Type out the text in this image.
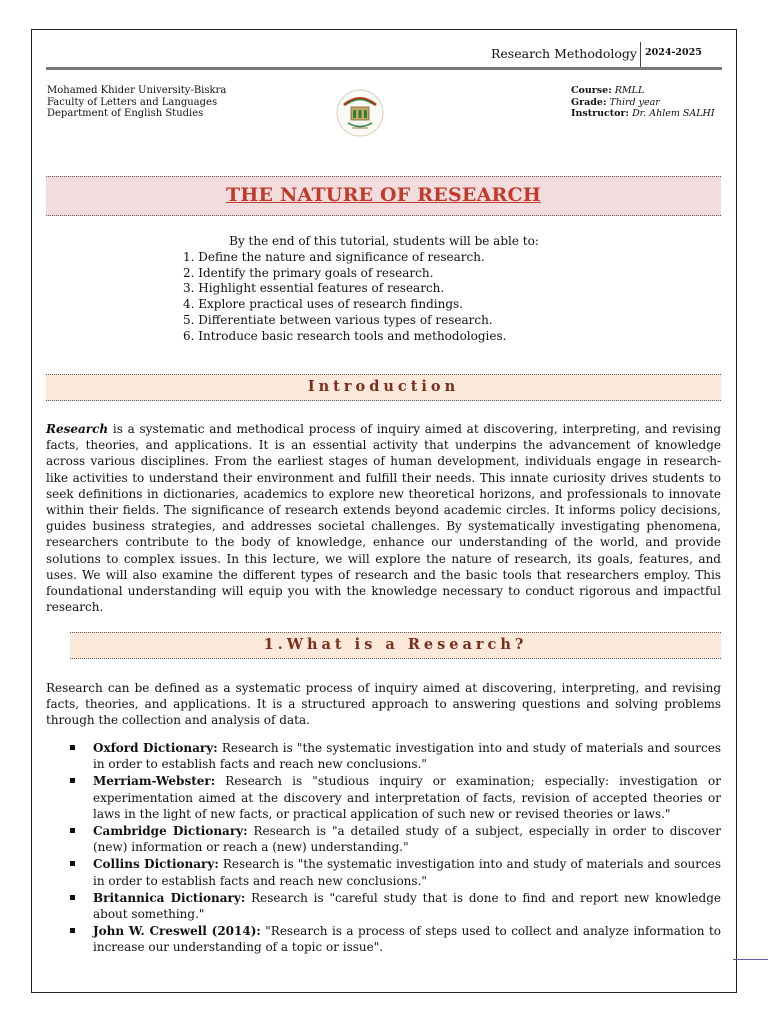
Research Methodology 2024-2025
Mohamed Khider University-Biskra
Faculty of Letters and Languages
Department of English Studies
Course: RMLL
Grade: Third year
Instructor: Dr. Ahlem SALHI
THE NATURE OF RESEARCH
By the end of this tutorial, students will be able to:
1. Define the nature and significance of research.
2. Identify the primary goals of research.
3. Highlight essential features of research.
4. Explore practical uses of research findings.
5. Differentiate between various types of research.
6. Introduce basic research tools and methodologies.
Introduction
Research is a systematic and methodical process of inquiry aimed at discovering, interpreting, and revising facts, theories, and applications. It is an essential activity that underpins the advancement of knowledge across various disciplines. From the earliest stages of human development, individuals engage in research-like activities to understand their environment and fulfill their needs. This innate curiosity drives students to seek definitions in dictionaries, academics to explore new theoretical horizons, and professionals to innovate within their fields. The significance of research extends beyond academic circles. It informs policy decisions, guides business strategies, and addresses societal challenges. By systematically investigating phenomena, researchers contribute to the body of knowledge, enhance our understanding of the world, and provide solutions to complex issues. In this lecture, we will explore the nature of research, its goals, features, and uses. We will also examine the different types of research and the basic tools that researchers employ. This foundational understanding will equip you with the knowledge necessary to conduct rigorous and impactful research.
1.What is a Research?
Research can be defined as a systematic process of inquiry aimed at discovering, interpreting, and revising facts, theories, and applications. It is a structured approach to answering questions and solving problems through the collection and analysis of data.
Oxford Dictionary: Research is "the systematic investigation into and study of materials and sources in order to establish facts and reach new conclusions."
Merriam-Webster: Research is "studious inquiry or examination; especially: investigation or experimentation aimed at the discovery and interpretation of facts, revision of accepted theories or laws in the light of new facts, or practical application of such new or revised theories or laws."
Cambridge Dictionary: Research is "a detailed study of a subject, especially in order to discover (new) information or reach a (new) understanding."
Collins Dictionary: Research is "the systematic investigation into and study of materials and sources in order to establish facts and reach new conclusions."
Britannica Dictionary: Research is "careful study that is done to find and report new knowledge about something."
John W. Creswell (2014): "Research is a process of steps used to collect and analyze information to increase our understanding of a topic or issue".
